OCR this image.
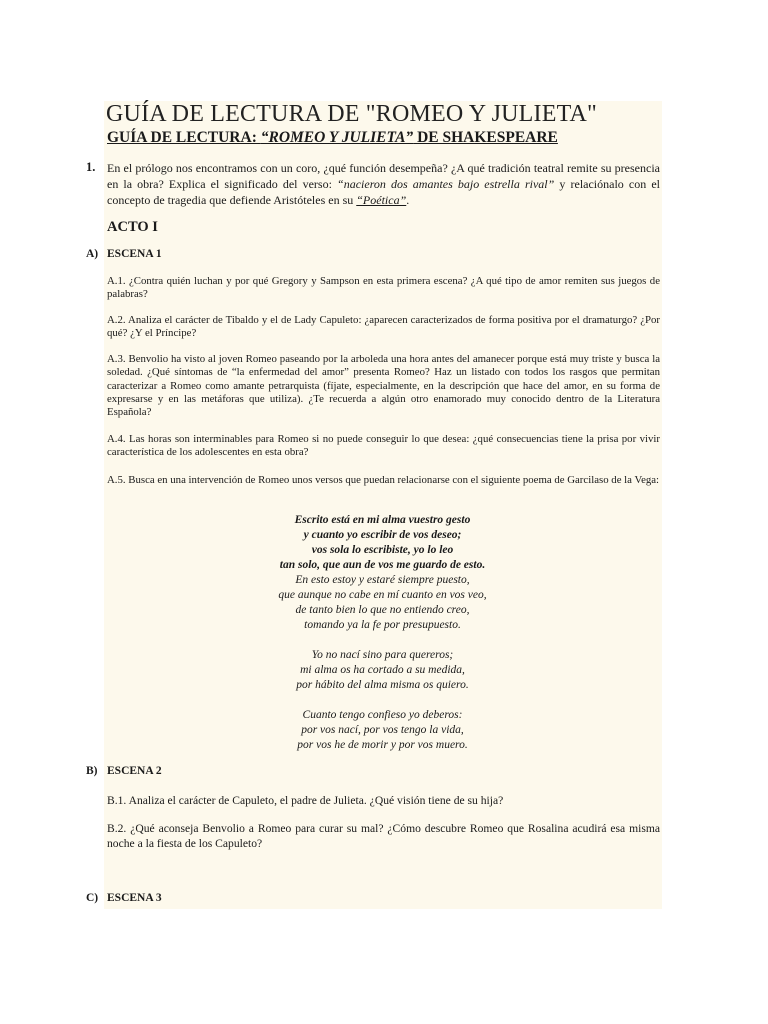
GUÍA DE LECTURA DE "ROMEO Y JULIETA"
GUÍA DE LECTURA: “ROMEO Y JULIETA” DE SHAKESPEARE
1. En el prólogo nos encontramos con un coro, ¿qué función desempeña? ¿A qué tradición teatral remite su presencia en la obra? Explica el significado del verso: “nacieron dos amantes bajo estrella rival” y relaciónalo con el concepto de tragedia que defiende Aristóteles en su “Poética”.
ACTO I
A) ESCENA 1
A.1. ¿Contra quién luchan y por qué Gregory y Sampson en esta primera escena? ¿A qué tipo de amor remiten sus juegos de palabras?
A.2. Analiza el carácter de Tibaldo y el de Lady Capuleto: ¿aparecen caracterizados de forma positiva por el dramaturgo? ¿Por qué? ¿Y el Príncipe?
A.3. Benvolio ha visto al joven Romeo paseando por la arboleda una hora antes del amanecer porque está muy triste y busca la soledad. ¿Qué síntomas de “la enfermedad del amor” presenta Romeo? Haz un listado con todos los rasgos que permitan caracterizar a Romeo como amante petrarquista (fíjate, especialmente, en la descripción que hace del amor, en su forma de expresarse y en las metáforas que utiliza). ¿Te recuerda a algún otro enamorado muy conocido dentro de la Literatura Española?
A.4. Las horas son interminables para Romeo si no puede conseguir lo que desea: ¿qué consecuencias tiene la prisa por vivir característica de los adolescentes en esta obra?
A.5. Busca en una intervención de Romeo unos versos que puedan relacionarse con el siguiente poema de Garcilaso de la Vega:
Escrito está en mi alma vuestro gesto
y cuanto yo escribir de vos deseo;
vos sola lo escribiste, yo lo leo
tan solo, que aun de vos me guardo de esto.
En esto estoy y estaré siempre puesto,
que aunque no cabe en mí cuanto en vos veo,
de tanto bien lo que no entiendo creo,
tomando ya la fe por presupuesto.
Yo no nací sino para quereros;
mi alma os ha cortado a su medida,
por hábito del alma misma os quiero.
Cuanto tengo confieso yo deberos:
por vos nací, por vos tengo la vida,
por vos he de morir y por vos muero.
B) ESCENA 2
B.1. Analiza el carácter de Capuleto, el padre de Julieta. ¿Qué visión tiene de su hija?
B.2. ¿Qué aconseja Benvolio a Romeo para curar su mal? ¿Cómo descubre Romeo que Rosalina acudirá esa misma noche a la fiesta de los Capuleto?
C) ESCENA 3
